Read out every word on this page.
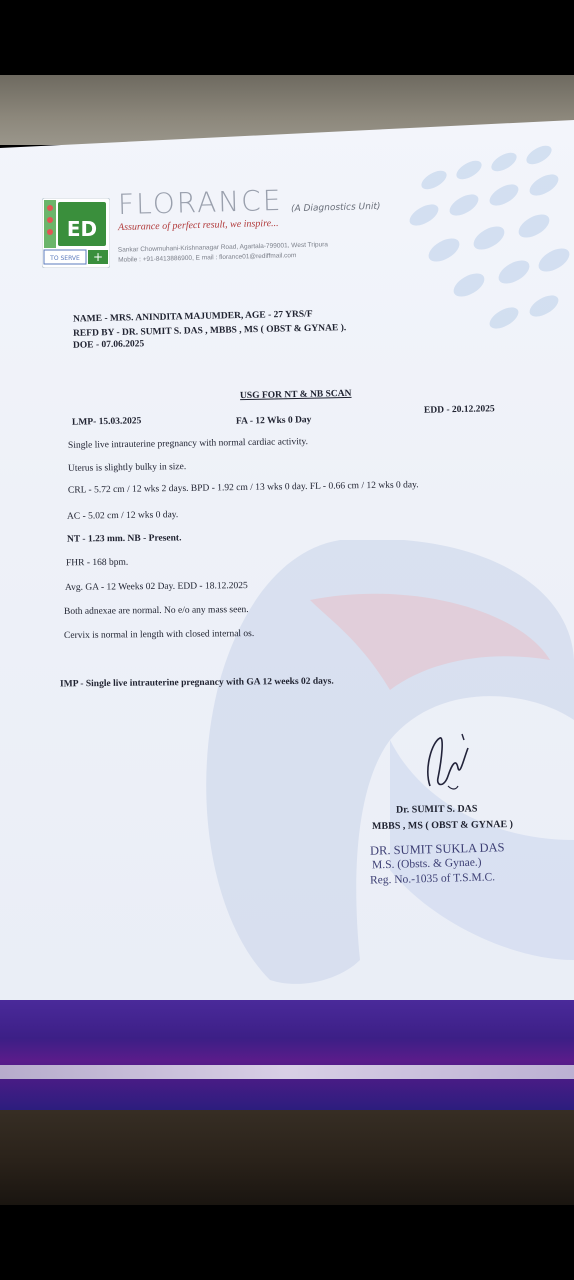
ED
TO SERVE +
FLORANCE (A Diagnostics Unit)
Assurance of perfect result, we inspire...
Sankar Chowmuhani-Krishnanagar Road, Agartala-799001, West Tripura
Mobile : +91-8413886900, E mail : florance01@rediffmail.com
NAME - MRS. ANINDITA MAJUMDER, AGE - 27 YRS/F
REFD BY - DR. SUMIT S. DAS , MBBS , MS ( OBST & GYNAE ).
DOE - 07.06.2025
USG FOR NT & NB SCAN
LMP- 15.03.2025	FA - 12 Wks 0 Day
EDD - 20.12.2025
Single live intrauterine pregnancy with normal cardiac activity.
Uterus is slightly bulky in size.
CRL - 5.72 cm / 12 wks 2 days. BPD - 1.92 cm / 13 wks 0 day. FL - 0.66 cm / 12 wks 0 day.
AC - 5.02 cm / 12 wks 0 day.
NT - 1.23 mm. NB - Present.
FHR - 168 bpm.
Avg. GA - 12 Weeks 02 Day. EDD - 18.12.2025
Both adnexae are normal. No e/o any mass seen.
Cervix is normal in length with closed internal os.
IMP - Single live intrauterine pregnancy with GA 12 weeks 02 days.
Dr. SUMIT S. DAS
MBBS , MS ( OBST & GYNAE )
DR. SUMIT SUKLA DAS
M.S. (Obsts. & Gynae.)
Reg. No.-1035 of T.S.M.C.
